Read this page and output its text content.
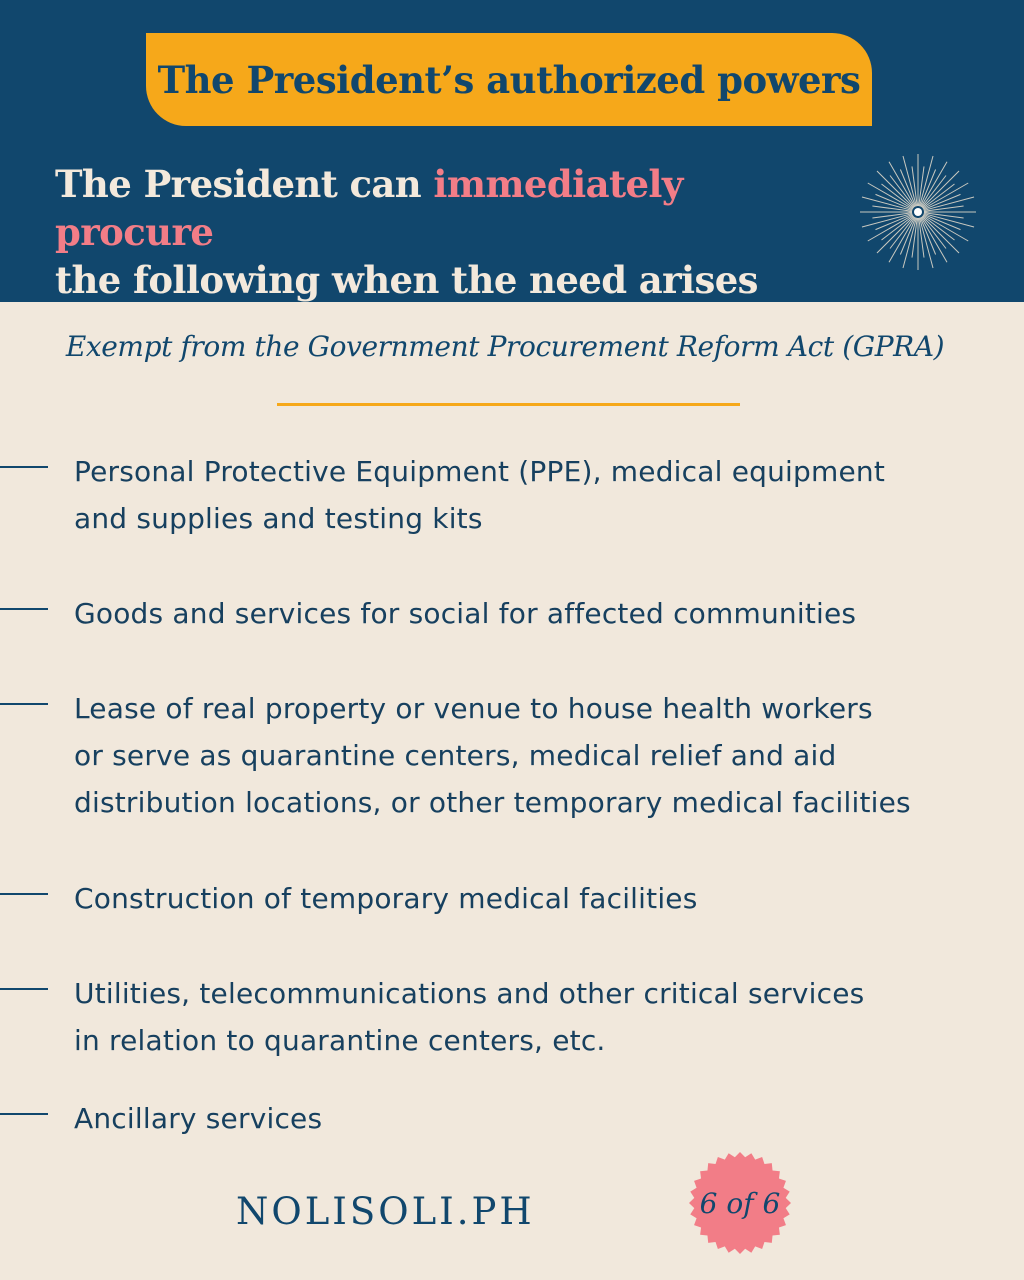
The President’s authorized powers
The President can immediately procure
the following when the need arises
Exempt from the Government Procurement Reform Act (GPRA)
Personal Protective Equipment (PPE), medical equipment
and supplies and testing kits
Goods and services for social for affected communities
Lease of real property or venue to house health workers
or serve as quarantine centers, medical relief and aid
distribution locations, or other temporary medical facilities
Construction of temporary medical facilities
Utilities, telecommunications and other critical services
in relation to quarantine centers, etc.
Ancillary services
NOLISOLI.PH	6 of 6
